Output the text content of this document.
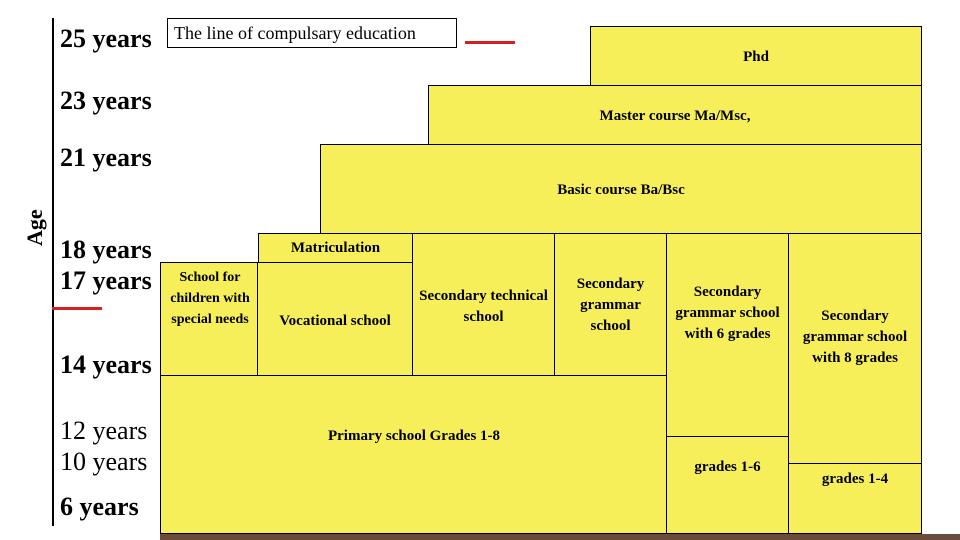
Age
25 years
23 years
21 years
18 years
17 years
14 years
12 years
10 years
6 years
The line of compulsary education
Phd
Master course Ma/Msc,
Basic course Ba/Bsc
Matriculation
School for children with special needs	Vocational school
Secondary technical school
Secondary grammar school
Primary school Grades 1-8
Secondary grammar school with 6 grades
grades 1-6
Secondary grammar school with 8 grades
grades 1-4
